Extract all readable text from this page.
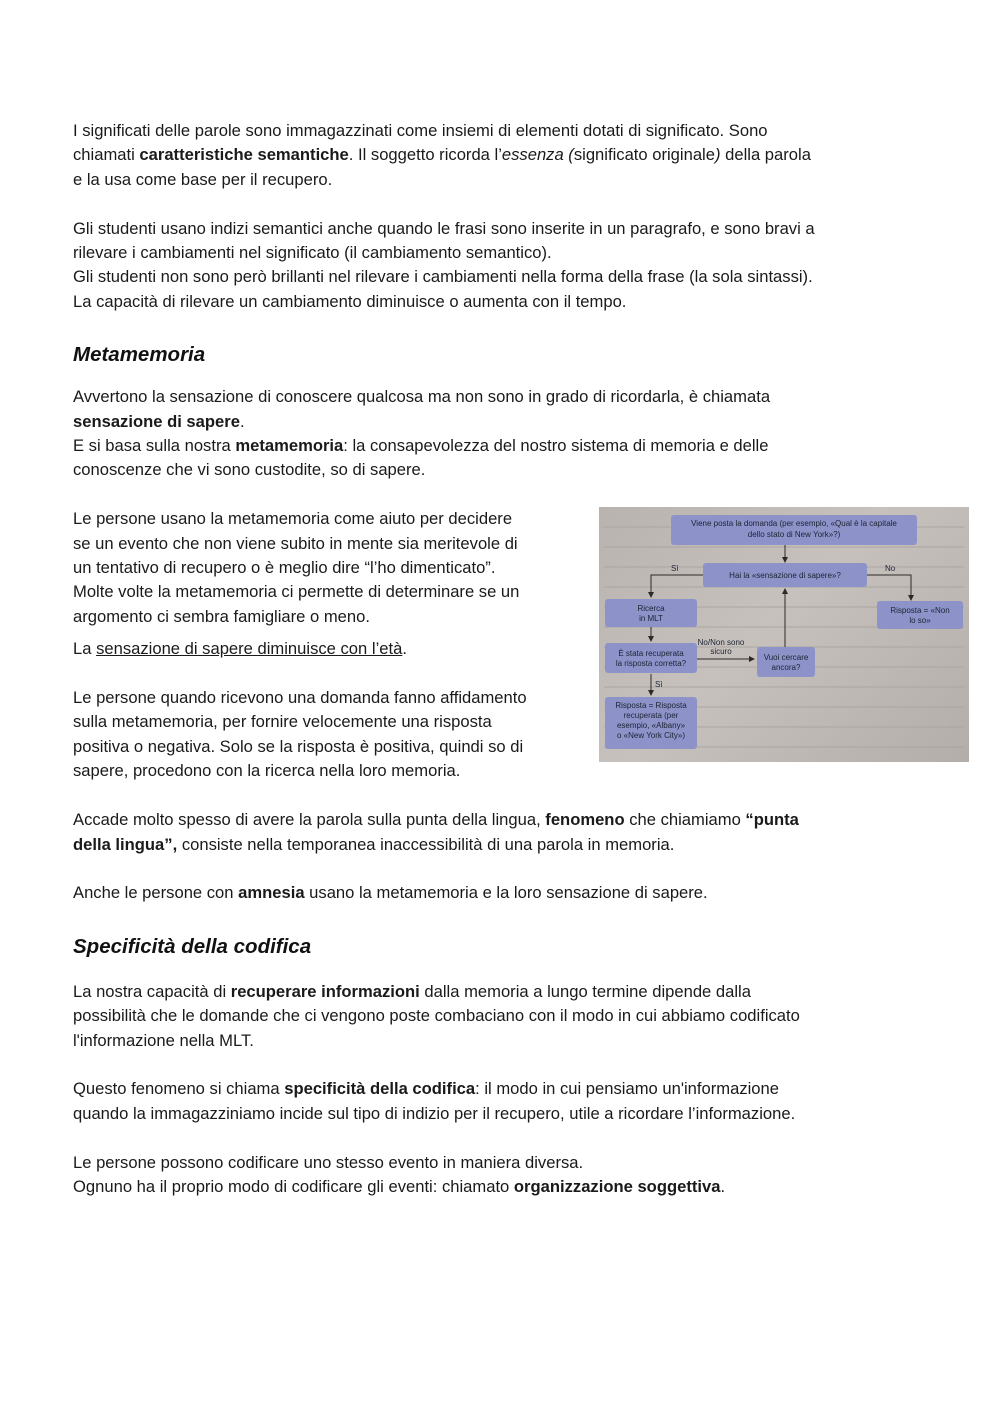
I significati delle parole sono immagazzinati come insiemi di elementi dotati di significato. Sono
chiamati caratteristiche semantiche. Il soggetto ricorda l’essenza (significato originale) della parola
e la usa come base per il recupero.

Gli studenti usano indizi semantici anche quando le frasi sono inserite in un paragrafo, e sono bravi a
rilevare i cambiamenti nel significato (il cambiamento semantico).
Gli studenti non sono però brillanti nel rilevare i cambiamenti nella forma della frase (la sola sintassi).
La capacità di rilevare un cambiamento diminuisce o aumenta con il tempo.

Metamemoria

Avvertono la sensazione di conoscere qualcosa ma non sono in grado di ricordarla, è chiamata
sensazione di sapere.
E si basa sulla nostra metamemoria: la consapevolezza del nostro sistema di memoria e delle
conoscenze che vi sono custodite, so di sapere.

Le persone usano la metamemoria come aiuto per decidere
se un evento che non viene subito in mente sia meritevole di
un tentativo di recupero o è meglio dire “l’ho dimenticato”.
Molte volte la metamemoria ci permette di determinare se un
argomento ci sembra famigliare o meno.

La sensazione di sapere diminuisce con l’età.

Le persone quando ricevono una domanda fanno affidamento
sulla metamemoria, per fornire velocemente una risposta
positiva o negativa. Solo se la risposta è positiva, quindi so di
sapere, procedono con la ricerca nella loro memoria.

Viene posta la domanda (per esempio, «Qual è la capitale
dello stato di New York»?)
Hai la «sensazione di sapere»?
Ricerca
in MLT
Risposta = «Non
lo so»
È stata recuperata
la risposta corretta?
Vuoi cercare
ancora?
Risposta = Risposta
recuperata (per
esempio, «Albany»
o «New York City»)
Sì	No
No/Non sono
sicuro
Sì

Accade molto spesso di avere la parola sulla punta della lingua, fenomeno che chiamiamo “punta
della lingua”, consiste nella temporanea inaccessibilità di una parola in memoria.

Anche le persone con amnesia usano la metamemoria e la loro sensazione di sapere.

Specificità della codifica

La nostra capacità di recuperare informazioni dalla memoria a lungo termine dipende dalla
possibilità che le domande che ci vengono poste combaciano con il modo in cui abbiamo codificato
l'informazione nella MLT.

Questo fenomeno si chiama specificità della codifica: il modo in cui pensiamo un'informazione
quando la immagazziniamo incide sul tipo di indizio per il recupero, utile a ricordare l’informazione.

Le persone possono codificare uno stesso evento in maniera diversa.
Ognuno ha il proprio modo di codificare gli eventi: chiamato organizzazione soggettiva.
